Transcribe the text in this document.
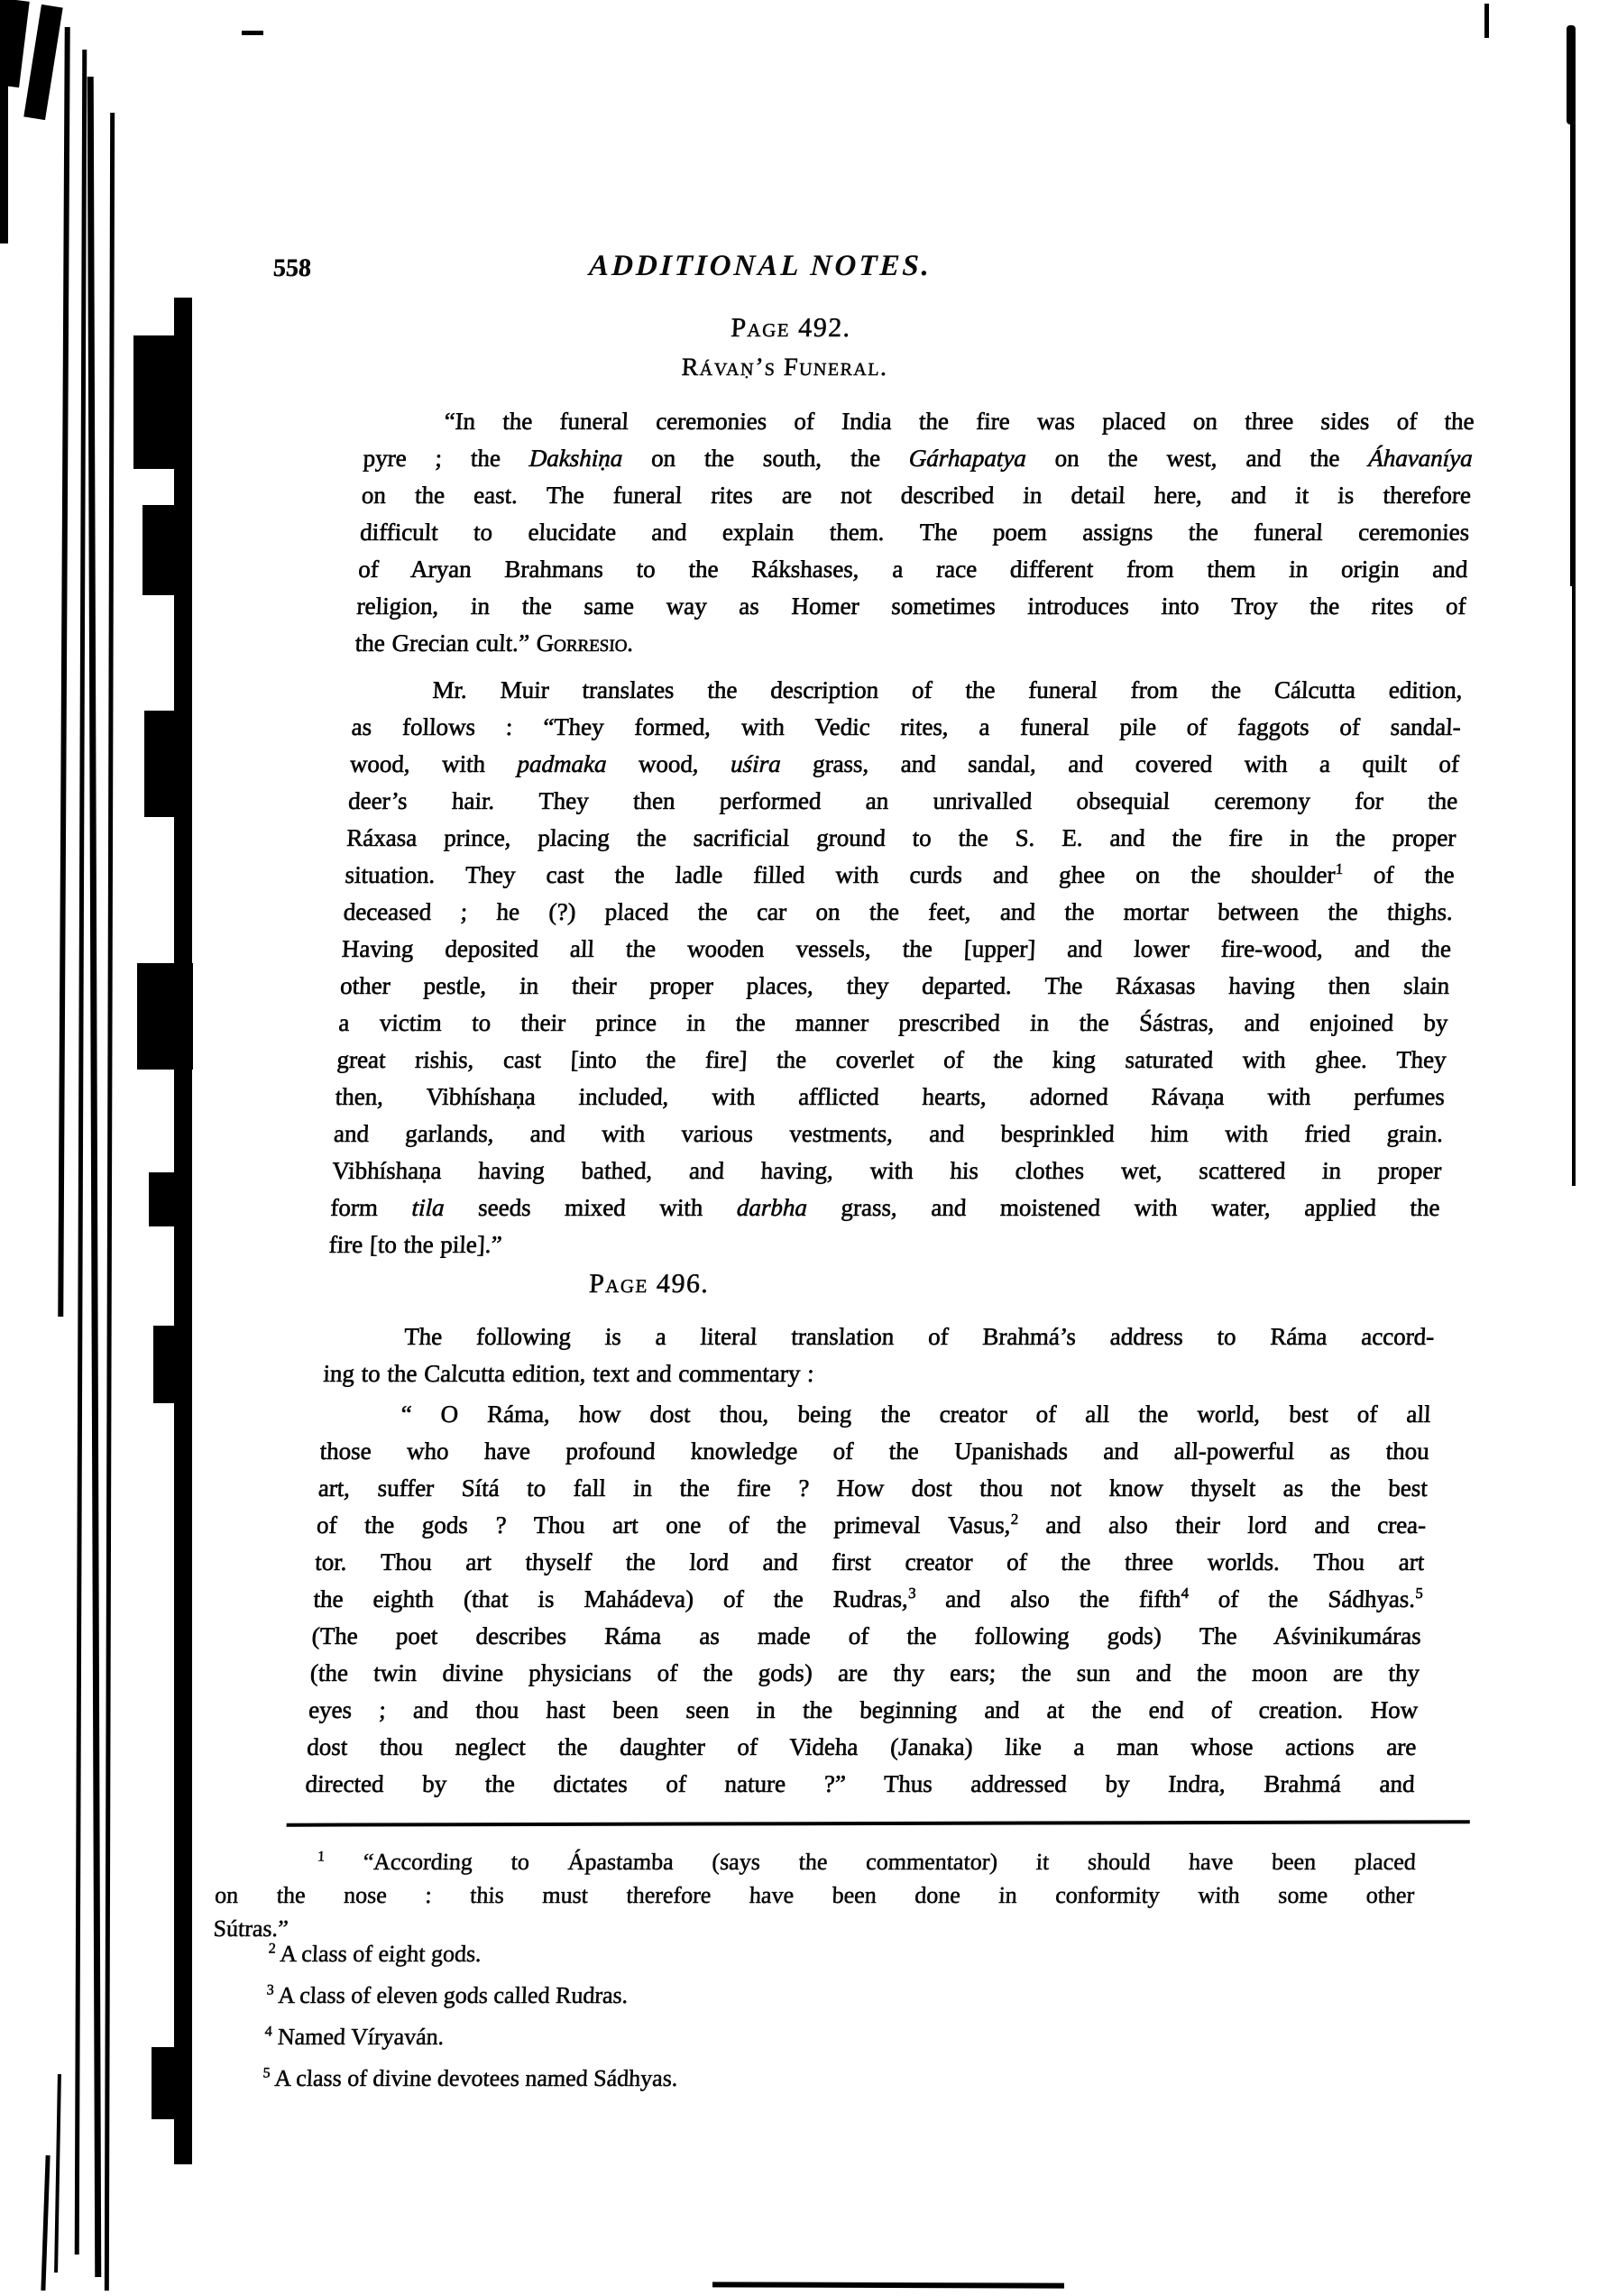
558	ADDITIONAL NOTES.
Page 492.
Rávaṇ’s Funeral.
“In the funeral ceremonies of India the fire was placed on three sides of the
pyre ; the Dakshiṇa on the south, the Gárhapatya on the west, and the Áhavaníya
on the east. The funeral rites are not described in detail here, and it is therefore
difficult to elucidate and explain them. The poem assigns the funeral ceremonies
of Aryan Brahmans to the Rákshases, a race different from them in origin and
religion, in the same way as Homer sometimes introduces into Troy the rites of
the Grecian cult.” Gorresio.
Mr. Muir translates the description of the funeral from the Cálcutta edition,
as follows : “They formed, with Vedic rites, a funeral pile of faggots of sandal-
wood, with padmaka wood, uśira grass, and sandal, and covered with a quilt of
deer’s hair. They then performed an unrivalled obsequial ceremony for the
Ráxasa prince, placing the sacrificial ground to the S. E. and the fire in the proper
situation. They cast the ladle filled with curds and ghee on the shoulder$^1$ of the
deceased ; he (?) placed the car on the feet, and the mortar between the thighs.
Having deposited all the wooden vessels, the [upper] and lower fire-wood, and the
other pestle, in their proper places, they departed. The Ráxasas having then slain
a victim to their prince in the manner prescribed in the Śástras, and enjoined by
great rishis, cast [into the fire] the coverlet of the king saturated with ghee. They
then, Vibhíshaṇa included, with afflicted hearts, adorned Rávaṇa with perfumes
and garlands, and with various vestments, and besprinkled him with fried grain.
Vibhíshaṇa having bathed, and having, with his clothes wet, scattered in proper
form tila seeds mixed with darbha grass, and moistened with water, applied the
fire [to the pile].”
Page 496.
The following is a literal translation of Brahmá’s address to Ráma accord-
ing to the Calcutta edition, text and commentary :
“ O Ráma, how dost thou, being the creator of all the world, best of all
those who have profound knowledge of the Upanishads and all-powerful as thou
art, suffer Sítá to fall in the fire ? How dost thou not know thyselt as the best
of the gods ? Thou art one of the primeval Vasus,$^2$ and also their lord and crea-
tor. Thou art thyself the lord and first creator of the three worlds. Thou art
the eighth (that is Mahádeva) of the Rudras,$^3$ and also the fifth$^4$ of the Sádhyas.$^5$
(The poet describes Ráma as made of the following gods) The Aśvinikumáras
(the twin divine physicians of the gods) are thy ears; the sun and the moon are thy
eyes ; and thou hast been seen in the beginning and at the end of creation. How
dost thou neglect the daughter of Videha (Janaka) like a man whose actions are
directed by the dictates of nature ?” Thus addressed by Indra, Brahmá and
$^1$ “According to Ápastamba (says the commentator) it should have been placed
on the nose : this must therefore have been done in conformity with some other
Sútras.”
$^2$ A class of eight gods.
$^3$ A class of eleven gods called Rudras.
$^4$ Named Víryaván.
$^5$ A class of divine devotees named Sádhyas.
